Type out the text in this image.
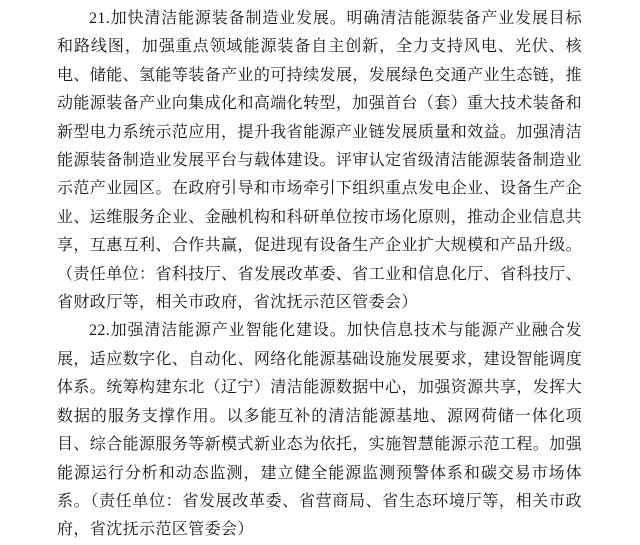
21.加快清洁能源装备制造业发展。明确清洁能源装备产业发展目标和路线图，加强重点领域能源装备自主创新，全力支持风电、光伏、核电、储能、氢能等装备产业的可持续发展，发展绿色交通产业生态链，推动能源装备产业向集成化和高端化转型，加强首台（套）重大技术装备和新型电力系统示范应用，提升我省能源产业链发展质量和效益。加强清洁能源装备制造业发展平台与载体建设。评审认定省级清洁能源装备制造业示范产业园区。在政府引导和市场牵引下组织重点发电企业、设备生产企业、运维服务企业、金融机构和科研单位按市场化原则，推动企业信息共享，互惠互利、合作共赢，促进现有设备生产企业扩大规模和产品升级。（责任单位：省科技厅、省发展改革委、省工业和信息化厅、省科技厅、省财政厅等，相关市政府，省沈抚示范区管委会）

22.加强清洁能源产业智能化建设。加快信息技术与能源产业融合发展，适应数字化、自动化、网络化能源基础设施发展要求，建设智能调度体系。统筹构建东北（辽宁）清洁能源数据中心，加强资源共享，发挥大数据的服务支撑作用。以多能互补的清洁能源基地、源网荷储一体化项目、综合能源服务等新模式新业态为依托，实施智慧能源示范工程。加强能源运行分析和动态监测，建立健全能源监测预警体系和碳交易市场体系。（责任单位：省发展改革委、省营商局、省生态环境厅等，相关市政府，省沈抚示范区管委会）
